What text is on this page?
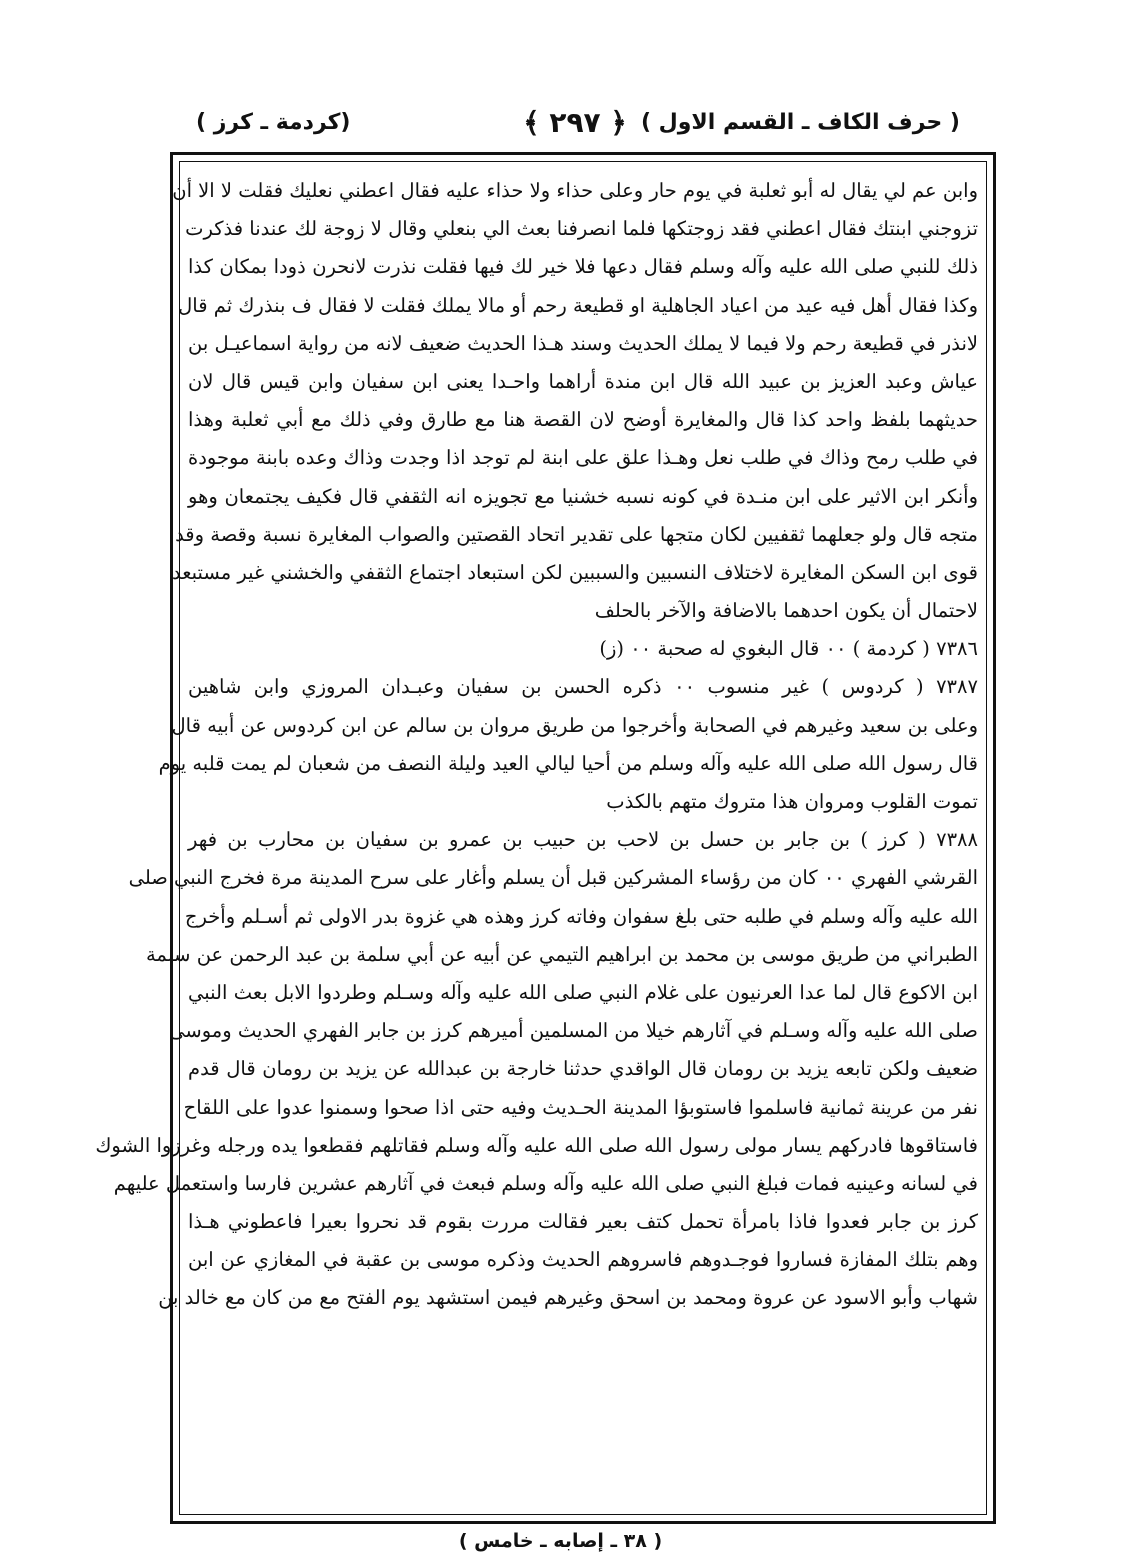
( حرف الكاف ـ القسم الاول )
﴿ ٢٩٧ ﴾
(كردمة ـ كرز )
وابن عم لي يقال له أبو ثعلبة في يوم حار وعلى حذاء ولا حذاء عليه فقال اعطني نعليك فقلت لا الا أن
تزوجني ابنتك فقال اعطني فقد زوجتكها فلما انصرفنا بعث الي بنعلي وقال لا زوجة لك عندنا فذكرت
ذلك للنبي صلى الله عليه وآله وسلم فقال دعها فلا خير لك فيها فقلت نذرت لانحرن ذودا بمكان كذا
وكذا فقال أهل فيه عيد من اعياد الجاهلية او قطيعة رحم أو مالا يملك فقلت لا فقال ف بنذرك ثم قال
لانذر في قطيعة رحم ولا فيما لا يملك الحديث وسند هـذا الحديث ضعيف لانه من رواية اسماعيـل بن
عياش وعبد العزيز بن عبيد الله قال ابن مندة أراهما واحـدا يعنى ابن سفيان وابن قيس قال لان
حديثهما بلفظ واحد كذا قال والمغايرة أوضح لان القصة هنا مع طارق وفي ذلك مع أبي ثعلبة وهذا
في طلب رمح وذاك في طلب نعل وهـذا علق على ابنة لم توجد اذا وجدت وذاك وعده بابنة موجودة
وأنكر ابن الاثير على ابن منـدة في كونه نسبه خشنيا مع تجويزه انه الثقفي قال فكيف يجتمعان وهو
متجه قال ولو جعلهما ثقفيين لكان متجها على تقدير اتحاد القصتين والصواب المغايرة نسبة وقصة وقد
قوى ابن السكن المغايرة لاختلاف النسبين والسببين لكن استبعاد اجتماع الثقفي والخشني غير مستبعد
لاحتمال أن يكون احدهما بالاضافة والآخر بالحلف
٧٣٨٦ ( كردمة ) ٠٠ قال البغوي له صحبة ٠٠ (ز)
٧٣٨٧ ( كردوس ) غير منسوب ٠٠ ذكره الحسن بن سفيان وعبـدان المروزي وابن شاهين
وعلى بن سعيد وغيرهم في الصحابة وأخرجوا من طريق مروان بن سالم عن ابن كردوس عن أبيه قال
قال رسول الله صلى الله عليه وآله وسلم من أحيا ليالي العيد وليلة النصف من شعبان لم يمت قلبه يوم
تموت القلوب ومروان هذا متروك متهم بالكذب
٧٣٨٨ ( كرز ) بن جابر بن حسل بن لاحب بن حبيب بن عمرو بن سفيان بن محارب بن فهر
القرشي الفهري ٠٠ كان من رؤساء المشركين قبل أن يسلم وأغار على سرح المدينة مرة فخرج النبي صلى
الله عليه وآله وسلم في طلبه حتى بلغ سفوان وفاته كرز وهذه هي غزوة بدر الاولى ثم أسـلم وأخرج
الطبراني من طريق موسى بن محمد بن ابراهيم التيمي عن أبيه عن أبي سلمة بن عبد الرحمن عن سلمة
ابن الاكوع قال لما عدا العرنيون على غلام النبي صلى الله عليه وآله وسـلم وطردوا الابل بعث النبي
صلى الله عليه وآله وسـلم في آثارهم خيلا من المسلمين أميرهم كرز بن جابر الفهري الحديث وموسى
ضعيف ولكن تابعه يزيد بن رومان قال الواقدي حدثنا خارجة بن عبدالله عن يزيد بن رومان قال قدم
نفر من عرينة ثمانية فاسلموا فاستوبؤا المدينة الحـديث وفيه حتى اذا صحوا وسمنوا عدوا على اللقاح
فاستاقوها فادركهم يسار مولى رسول الله صلى الله عليه وآله وسلم فقاتلهم فقطعوا يده ورجله وغرزوا الشوك
في لسانه وعينيه فمات فبلغ النبي صلى الله عليه وآله وسلم فبعث في آثارهم عشرين فارسا واستعمل عليهم
كرز بن جابر فعدوا فاذا بامرأة تحمل كتف بعير فقالت مررت بقوم قد نحروا بعيرا فاعطوني هـذا
وهم بتلك المفازة فساروا فوجـدوهم فاسروهم الحديث وذكره موسى بن عقبة في المغازي عن ابن
شهاب وأبو الاسود عن عروة ومحمد بن اسحق وغيرهم فيمن استشهد يوم الفتح مع من كان مع خالد بن
( ٣٨ ـ إصابه ـ خامس )
